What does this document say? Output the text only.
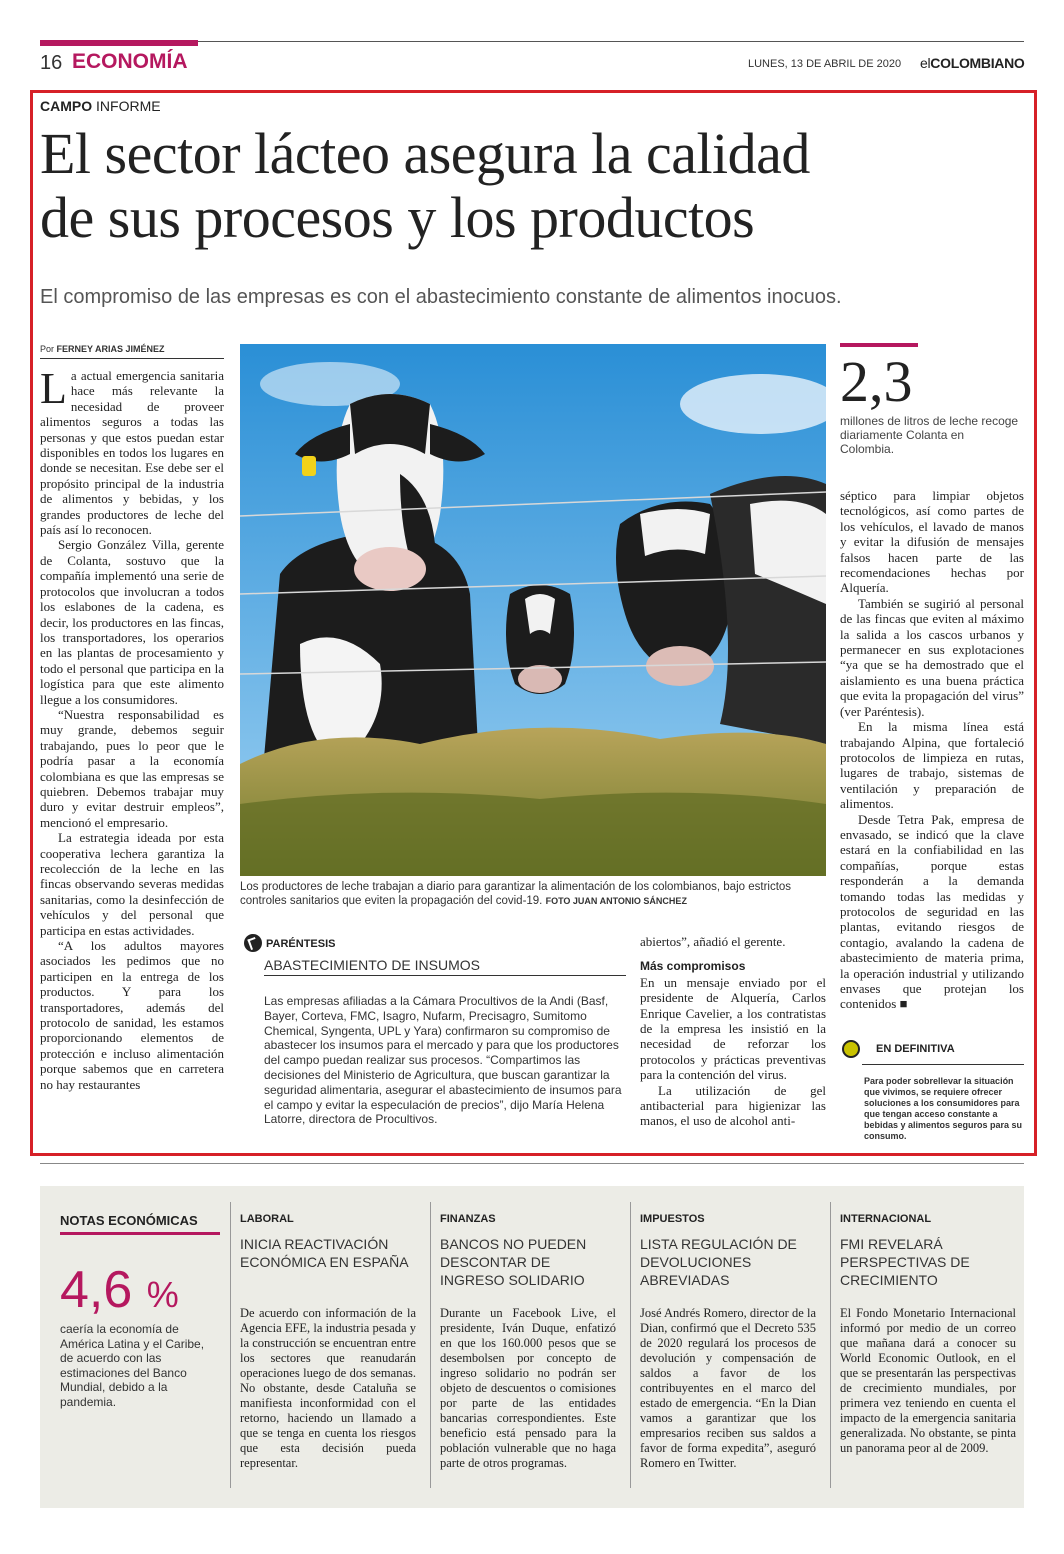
16 ECONOMÍA	LUNES, 13 DE ABRIL DE 2020 elCOLOMBIANO
CAMPO INFORME
El sector lácteo asegura la calidad
de sus procesos y los productos
El compromiso de las empresas es con el abastecimiento constante de alimentos inocuos.
Por FERNEY ARIAS JIMÉNEZ

La actual emergencia sanitaria hace más relevante la necesidad de proveer alimentos seguros a todas las personas y que estos puedan estar disponibles en todos los lugares en donde se necesitan. Ese debe ser el propósito principal de la industria de alimentos y bebidas, y los grandes productores de leche del país así lo reconocen.

Sergio González Villa, gerente de Colanta, sostuvo que la compañía implementó una serie de protocolos que involucran a todos los eslabones de la cadena, es decir, los productores en las fincas, los transportadores, los operarios en las plantas de procesamiento y todo el personal que participa en la logística para que este alimento llegue a los consumidores.

“Nuestra responsabilidad es muy grande, debemos seguir trabajando, pues lo peor que le podría pasar a la economía colombiana es que las empresas se quiebren. Debemos trabajar muy duro y evitar destruir empleos”, mencionó el empresario.

La estrategia ideada por esta cooperativa lechera garantiza la recolección de la leche en las fincas observando severas medidas sanitarias, como la desinfección de vehículos y del personal que participa en estas actividades.

“A los adultos mayores asociados les pedimos que no participen en la entrega de los productos. Y para los transportadores, además del protocolo de sanidad, les estamos proporcionando elementos de protección e incluso alimentación porque sabemos que en carretera no hay restaurantes

Los productores de leche trabajan a diario para garantizar la alimentación de los colombianos, bajo estrictos controles sanitarios que eviten la propagación del covid-19. FOTO JUAN ANTONIO SÁNCHEZ
PARÉNTESIS
ABASTECIMIENTO DE INSUMOS
Las empresas afiliadas a la Cámara Procultivos de la Andi (Basf, Bayer, Corteva, FMC, Isagro, Nufarm, Precisagro, Sumitomo Chemical, Syngenta, UPL y Yara) confirmaron su compromiso de abastecer los insumos para el mercado y para que los productores del campo puedan realizar sus procesos. “Compartimos las decisiones del Ministerio de Agricultura, que buscan garantizar la seguridad alimentaria, asegurar el abastecimiento de insumos para el campo y evitar la especulación de precios”, dijo María Helena Latorre, directora de Procultivos.

abiertos”, añadió el gerente.

Más compromisos

En un mensaje enviado por el presidente de Alquería, Carlos Enrique Cavelier, a los contratistas de la empresa les insistió en la necesidad de reforzar los protocolos y prácticas preventivas para la contención del virus.

La utilización de gel antibacterial para higienizar las manos, el uso de alcohol anti-

2,3
millones de litros de leche recoge diariamente Colanta en Colombia.

séptico para limpiar objetos tecnológicos, así como partes de los vehículos, el lavado de manos y evitar la difusión de mensajes falsos hacen parte de las recomendaciones hechas por Alquería.

También se sugirió al personal de las fincas que eviten al máximo la salida a los cascos urbanos y permanecer en sus explotaciones “ya que se ha demostrado que el aislamiento es una buena práctica que evita la propagación del virus” (ver Paréntesis).

En la misma línea está trabajando Alpina, que fortaleció protocolos de limpieza en rutas, lugares de trabajo, sistemas de ventilación y preparación de alimentos.

Desde Tetra Pak, empresa de envasado, se indicó que la clave estará en la confiabilidad en las compañías, porque estas responderán a la demanda tomando todas las medidas y protocolos de seguridad en las plantas, evitando riesgos de contagio, avalando la cadena de abastecimiento de materia prima, la operación industrial y utilizando envases que protejan los contenidos ■

EN DEFINITIVA
Para poder sobrellevar la situación que vivimos, se requiere ofrecer soluciones a los consumidores para que tengan acceso constante a bebidas y alimentos seguros para su consumo.
NOTAS ECONÓMICAS
4,6 %
caería la economía de América Latina y el Caribe, de acuerdo con las estimaciones del Banco Mundial, debido a la pandemia.
LABORAL
INICIA REACTIVACIÓN ECONÓMICA EN ESPAÑA
De acuerdo con información de la Agencia EFE, la industria pesada y la construcción se encuentran entre los sectores que reanudarán operaciones luego de dos semanas. No obstante, desde Cataluña se manifiesta inconformidad con el retorno, haciendo un llamado a que se tenga en cuenta los riesgos que esta decisión pueda representar.
FINANZAS
BANCOS NO PUEDEN DESCONTAR DE INGRESO SOLIDARIO
Durante un Facebook Live, el presidente, Iván Duque, enfatizó en que los 160.000 pesos que se desembolsen por concepto de ingreso solidario no podrán ser objeto de descuentos o comisiones por parte de las entidades bancarias correspondientes. Este beneficio está pensado para la población vulnerable que no haga parte de otros programas.
IMPUESTOS
LISTA REGULACIÓN DE DEVOLUCIONES ABREVIADAS
José Andrés Romero, director de la Dian, confirmó que el Decreto 535 de 2020 regulará los procesos de devolución y compensación de saldos a favor de los contribuyentes en el marco del estado de emergencia. “En la Dian vamos a garantizar que los empresarios reciben sus saldos a favor de forma expedita”, aseguró Romero en Twitter.
INTERNACIONAL
FMI REVELARÁ PERSPECTIVAS DE CRECIMIENTO
El Fondo Monetario Internacional informó por medio de un correo que mañana dará a conocer su World Economic Outlook, en el que se presentarán las perspectivas de crecimiento mundiales, por primera vez teniendo en cuenta el impacto de la emergencia sanitaria generalizada. No obstante, se pinta un panorama peor al de 2009.
